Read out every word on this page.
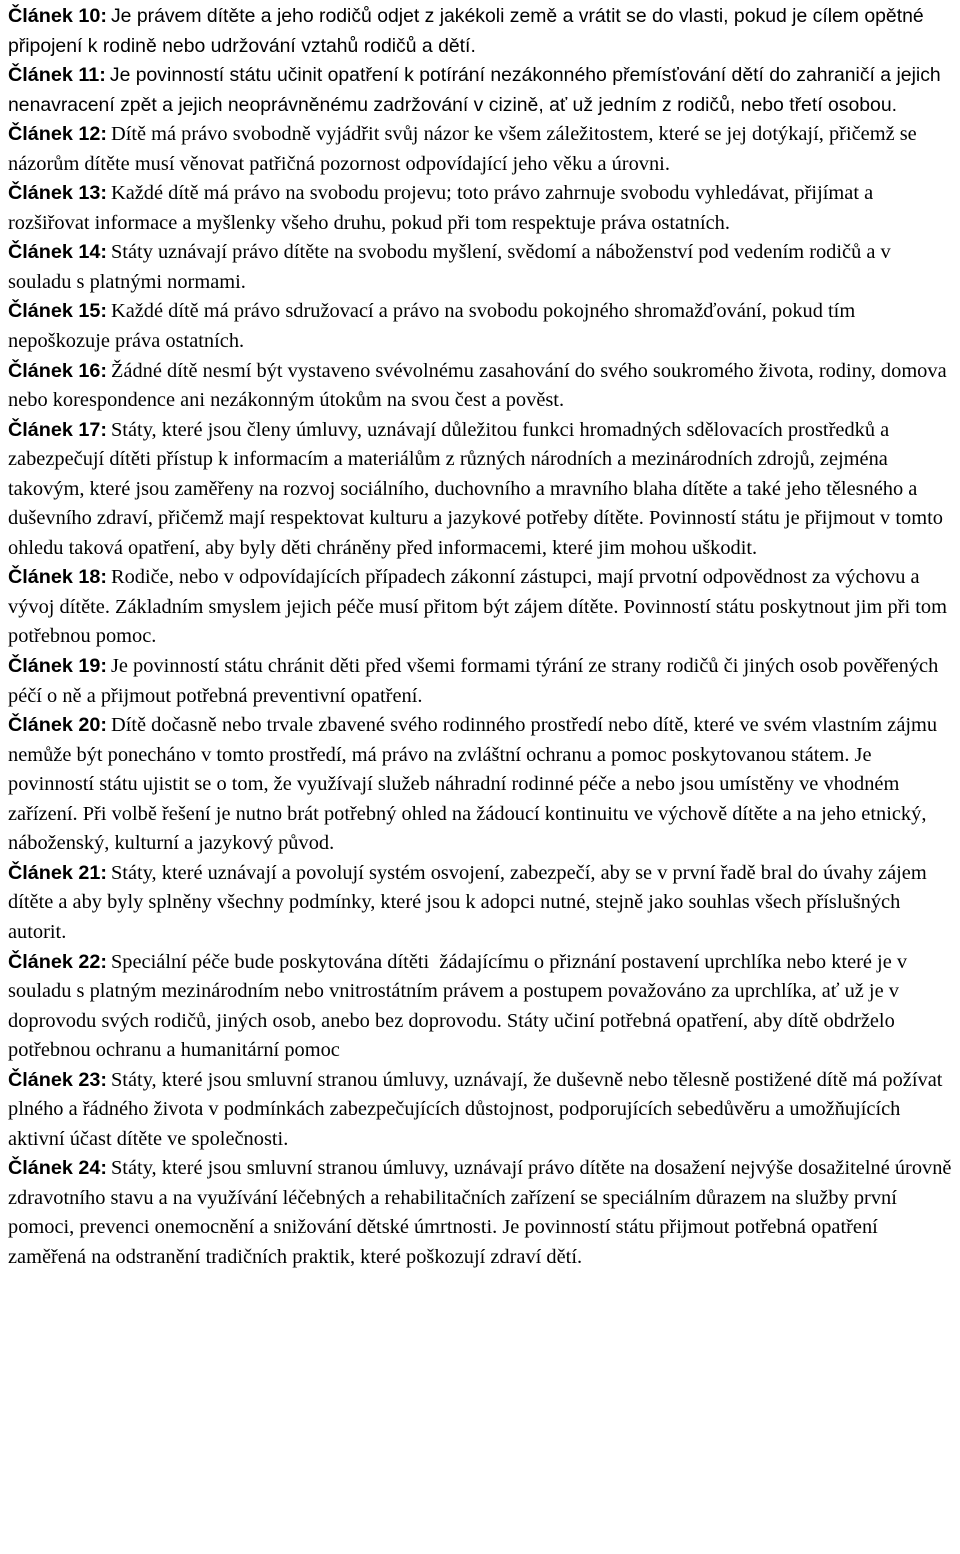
Článek 10: Je právem dítěte a jeho rodičů odjet z jakékoli země a vrátit se do vlasti, pokud je cílem opětné připojení k rodině nebo udržování vztahů rodičů a dětí.

Článek 11: Je povinností státu učinit opatření k potírání nezákonného přemísťování dětí do zahraničí a jejich nenavracení zpět a jejich neoprávněnému zadržování v cizině, ať už jedním z rodičů, nebo třetí osobou.

Článek 12: Dítě má právo svobodně vyjádřit svůj názor ke všem záležitostem, které se jej dotýkají, přičemž se názorům dítěte musí věnovat patřičná pozornost odpovídající jeho věku a úrovni.

Článek 13: Každé dítě má právo na svobodu projevu; toto právo zahrnuje svobodu vyhledávat, přijímat a rozšiřovat informace a myšlenky všeho druhu, pokud při tom respektuje práva ostatních.

Článek 14: Státy uznávají právo dítěte na svobodu myšlení, svědomí a náboženství pod vedením rodičů a v souladu s platnými normami.

Článek 15: Každé dítě má právo sdružovací a právo na svobodu pokojného shromažďování, pokud tím nepoškozuje práva ostatních.

Článek 16: Žádné dítě nesmí být vystaveno svévolnému zasahování do svého soukromého života, rodiny, domova nebo korespondence ani nezákonným útokům na svou čest a pověst.

Článek 17: Státy, které jsou členy úmluvy, uznávají důležitou funkci hromadných sdělovacích prostředků a zabezpečují dítěti přístup k informacím a materiálům z různých národních a mezinárodních zdrojů, zejména takovým, které jsou zaměřeny na rozvoj sociálního, duchovního a mravního blaha dítěte a také jeho tělesného a duševního zdraví, přičemž mají respektovat kulturu a jazykové potřeby dítěte. Povinností státu je přijmout v tomto ohledu taková opatření, aby byly děti chráněny před informacemi, které jim mohou uškodit.

Článek 18: Rodiče, nebo v odpovídajících případech zákonní zástupci, mají prvotní odpovědnost za výchovu a vývoj dítěte. Základním smyslem jejich péče musí přitom být zájem dítěte. Povinností státu poskytnout jim při tom potřebnou pomoc.

Článek 19: Je povinností státu chránit děti před všemi formami týrání ze strany rodičů či jiných osob pověřených péčí o ně a přijmout potřebná preventivní opatření.

Článek 20: Dítě dočasně nebo trvale zbavené svého rodinného prostředí nebo dítě, které ve svém vlastním zájmu nemůže být ponecháno v tomto prostředí, má právo na zvláštní ochranu a pomoc poskytovanou státem. Je povinností státu ujistit se o tom, že využívají služeb náhradní rodinné péče a nebo jsou umístěny ve vhodném zařízení. Při volbě řešení je nutno brát potřebný ohled na žádoucí kontinuitu ve výchově dítěte a na jeho etnický, náboženský, kulturní a jazykový původ.

Článek 21: Státy, které uznávají a povolují systém osvojení, zabezpečí, aby se v první řadě bral do úvahy zájem dítěte a aby byly splněny všechny podmínky, které jsou k adopci nutné, stejně jako souhlas všech příslušných autorit.

Článek 22: Speciální péče bude poskytována dítěti  žádajícímu o přiznání postavení uprchlíka nebo které je v souladu s platným mezinárodním nebo vnitrostátním právem a postupem považováno za uprchlíka, ať už je v doprovodu svých rodičů, jiných osob, anebo bez doprovodu. Státy učiní potřebná opatření, aby dítě obdrželo potřebnou ochranu a humanitární pomoc

Článek 23: Státy, které jsou smluvní stranou úmluvy, uznávají, že duševně nebo tělesně postižené dítě má požívat plného a řádného života v podmínkách zabezpečujících důstojnost, podporujících sebedůvěru a umožňujících aktivní účast dítěte ve společnosti.

Článek 24: Státy, které jsou smluvní stranou úmluvy, uznávají právo dítěte na dosažení nejvýše dosažitelné úrovně zdravotního stavu a na využívání léčebných a rehabilitačních zařízení se speciálním důrazem na služby první pomoci, prevenci onemocnění a snižování dětské úmrtnosti. Je povinností státu přijmout potřebná opatření zaměřená na odstranění tradičních praktik, které poškozují zdraví dětí.
